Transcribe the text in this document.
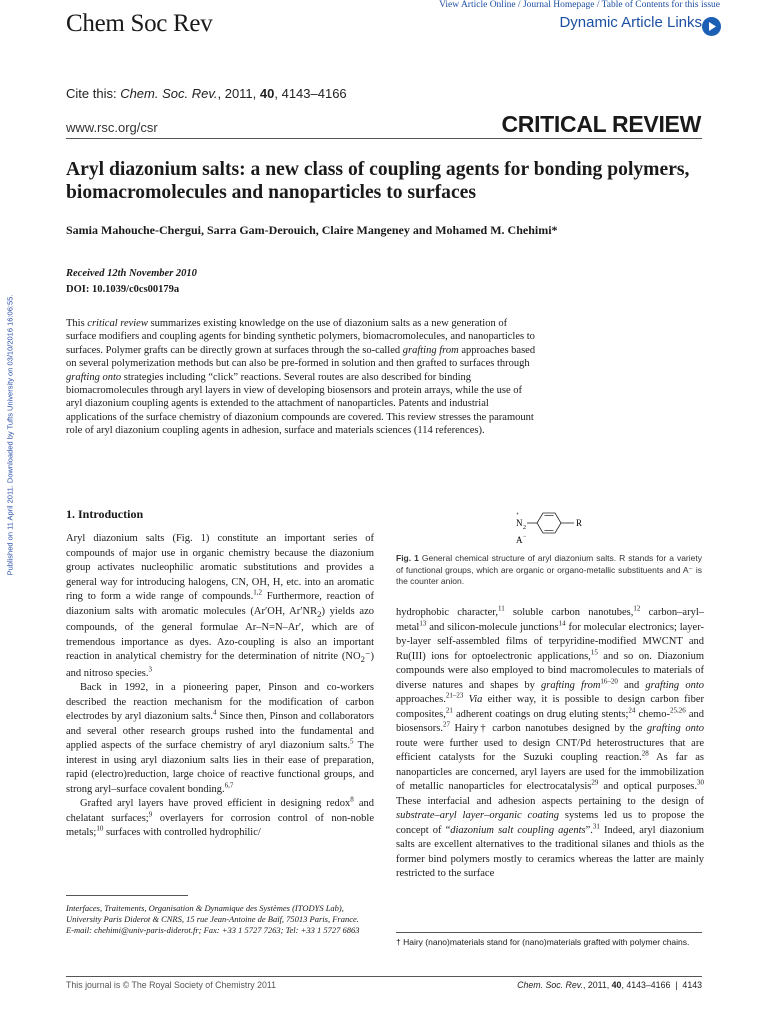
View Article Online / Journal Homepage / Table of Contents for this issue
Dynamic Article Links
Chem Soc Rev
Cite this: Chem. Soc. Rev., 2011, 40, 4143–4166
www.rsc.org/csr	CRITICAL REVIEW
Aryl diazonium salts: a new class of coupling agents for bonding polymers, biomacromolecules and nanoparticles to surfaces
Samia Mahouche-Chergui, Sarra Gam-Derouich, Claire Mangeney and Mohamed M. Chehimi*
Received 12th November 2010
DOI: 10.1039/c0cs00179a
Published on 11 April 2011. Downloaded by Tufts University on 03/10/2016 16:06:55.	This critical review summarizes existing knowledge on the use of diazonium salts as a new generation of surface modifiers and coupling agents for binding synthetic polymers, biomacromolecules, and nanoparticles to surfaces. Polymer grafts can be directly grown at surfaces through the so-called grafting from approaches based on several polymerization methods but can also be pre-formed in solution and then grafted to surfaces through grafting onto strategies including “click” reactions. Several routes are also described for binding biomacromolecules through aryl layers in view of developing biosensors and protein arrays, while the use of aryl diazonium coupling agents is extended to the attachment of nanoparticles. Patents and industrial applications of the surface chemistry of diazonium compounds are covered. This review stresses the paramount role of aryl diazonium coupling agents in adhesion, surface and materials sciences (114 references).
1. Introduction

Aryl diazonium salts (Fig. 1) constitute an important series of compounds of major use in organic chemistry because the diazonium group activates nucleophilic aromatic substitutions and provides a general way for introducing halogens, CN, OH, H, etc. into an aromatic ring to form a wide range of compounds.$^{1,2}$ Furthermore, reaction of diazonium salts with aromatic molecules (Ar′OH, $Ar'NR_2$) yields azo compounds, of the general formulae Ar–N=N–Ar′, which are of tremendous importance as dyes. Azo-coupling is also an important reaction in analytical chemistry for the determination of nitrite $(NO_2^-)$ and nitroso species.$^3$

Back in 1992, in a pioneering paper, Pinson and co-workers described the reaction mechanism for the modification of carbon electrodes by aryl diazonium salts.$^4$ Since then, Pinson and collaborators and several other research groups rushed into the fundamental and applied aspects of the surface chemistry of aryl diazonium salts.$^5$ The interest in using aryl diazonium salts lies in their ease of preparation, rapid (electro)reduction, large choice of reactive functional groups, and strong aryl–surface covalent bonding.$^{6,7}$

Grafted aryl layers have proved efficient in designing redox$^8$ and chelatant surfaces;$^9$ overlayers for corrosion control of non-noble metals;$^{10}$ surfaces with controlled hydrophilic/

+
N 2	R
A −
Fig. 1 General chemical structure of aryl diazonium salts. R stands for a variety of functional groups, which are organic or organo-metallic substituents and A⁻ is the counter anion.

hydrophobic character,$^{11}$ soluble carbon nanotubes,$^{12}$ carbon–aryl–metal$^{13}$ and silicon-molecule junctions$^{14}$ for molecular electronics; layer-by-layer self-assembled films of terpyridine-modified MWCNT and Ru(III) ions for optoelectronic applications,$^{15}$ and so on. Diazonium compounds were also employed to bind macromolecules to materials of diverse natures and shapes by grafting from$^{16-20}$ and grafting onto approaches.$^{21-23}$ Via either way, it is possible to design carbon fiber composites,$^{21}$ adherent coatings on drug eluting stents;$^{24}$ chemo-$^{25,26}$ and biosensors.$^{27}$ Hairy† carbon nanotubes designed by the grafting onto route were further used to design CNT/Pd heterostructures that are efficient catalysts for the Suzuki coupling reaction.$^{28}$ As far as nanoparticles are concerned, aryl layers are used for the immobilization of metallic nanoparticles for electrocatalysis$^{29}$ and optical purposes.$^{30}$ These interfacial and adhesion aspects pertaining to the design of substrate–aryl layer–organic coating systems led us to propose the concept of “diazonium salt coupling agents”.$^{31}$ Indeed, aryl diazonium salts are excellent alternatives to the traditional silanes and thiols as the former bind polymers mostly to ceramics whereas the latter are mainly restricted to the surface

Interfaces, Traitements, Organisation & Dynamique des Systèmes (ITODYS Lab), University Paris Diderot & CNRS, 15 rue Jean-Antoine de Baïf, 75013 Paris, France.
E-mail: chehimi@univ-paris-diderot.fr; Fax: +33 1 5727 7263; Tel: +33 1 5727 6863
† Hairy (nano)materials stand for (nano)materials grafted with polymer chains.
This journal is © The Royal Society of Chemistry 2011	Chem. Soc. Rev., 2011, 40, 4143–4166  |  4143
